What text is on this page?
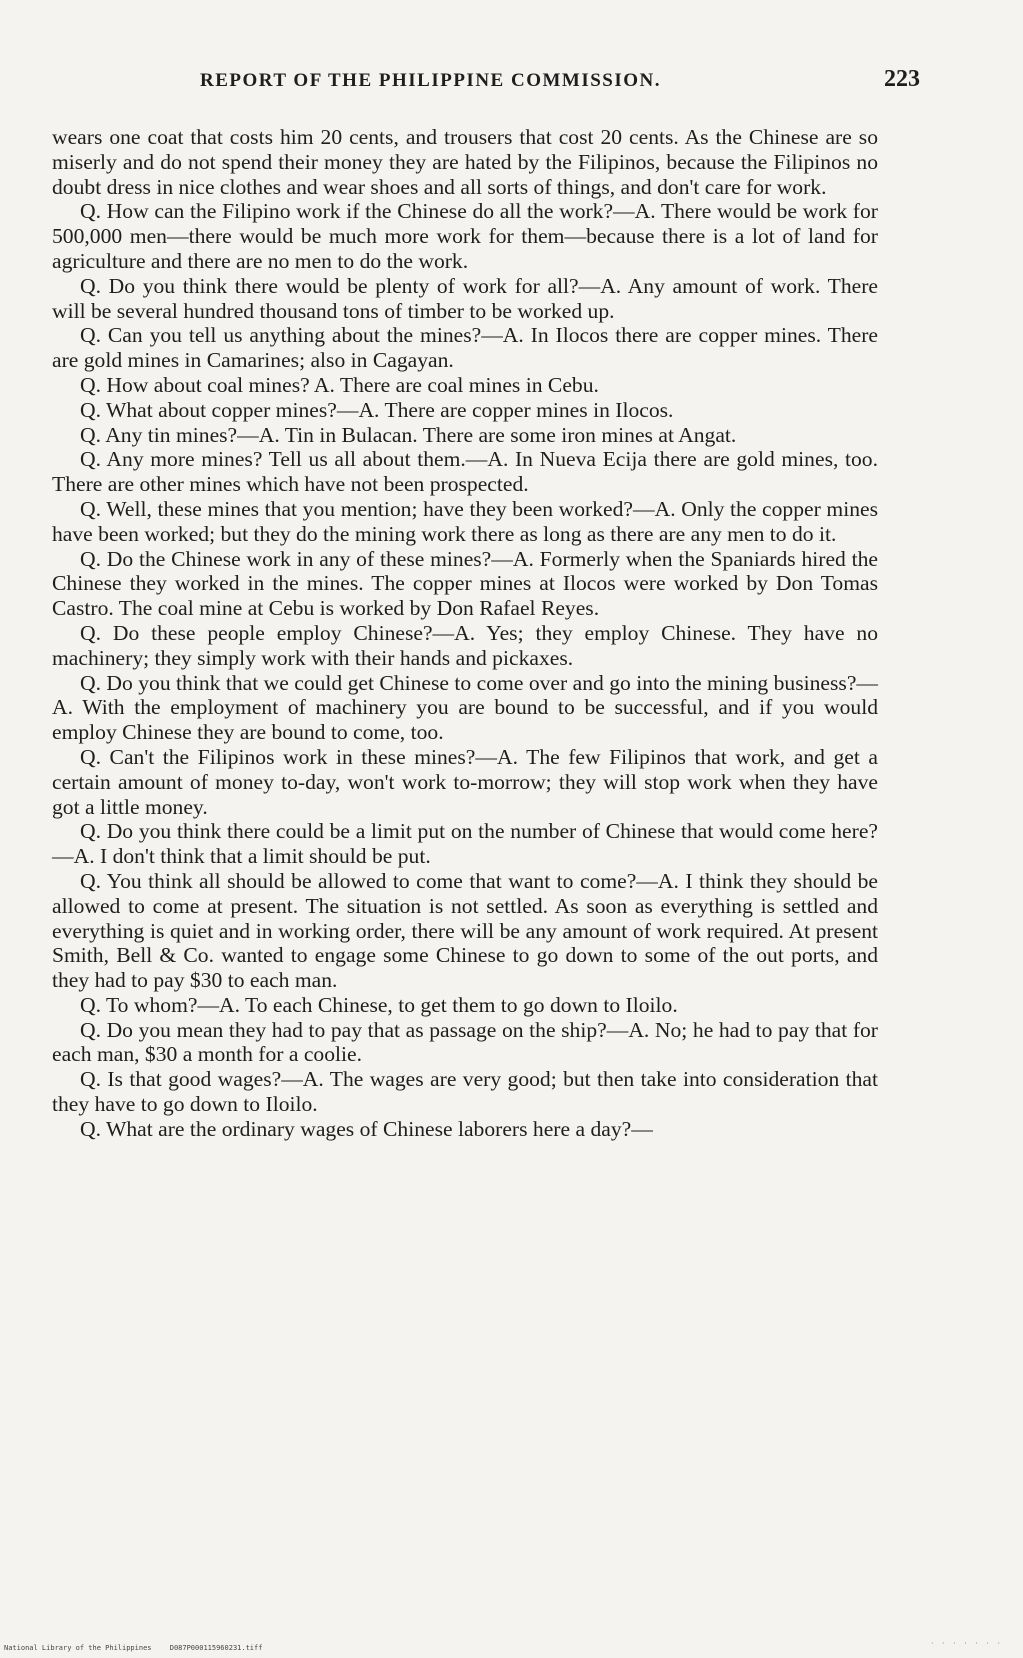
REPORT OF THE PHILIPPINE COMMISSION.	223

wears one coat that costs him 20 cents, and trousers that cost 20 cents. As the Chinese are so miserly and do not spend their money they are hated by the Filipinos, because the Filipinos no doubt dress in nice clothes and wear shoes and all sorts of things, and don't care for work.

Q. How can the Filipino work if the Chinese do all the work?—A. There would be work for 500,000 men—there would be much more work for them—because there is a lot of land for agriculture and there are no men to do the work.

Q. Do you think there would be plenty of work for all?—A. Any amount of work. There will be several hundred thousand tons of timber to be worked up.

Q. Can you tell us anything about the mines?—A. In Ilocos there are copper mines. There are gold mines in Camarines; also in Cagayan.

Q. How about coal mines? A. There are coal mines in Cebu.

Q. What about copper mines?—A. There are copper mines in Ilocos.

Q. Any tin mines?—A. Tin in Bulacan. There are some iron mines at Angat.

Q. Any more mines? Tell us all about them.—A. In Nueva Ecija there are gold mines, too. There are other mines which have not been prospected.

Q. Well, these mines that you mention; have they been worked?—A. Only the copper mines have been worked; but they do the mining work there as long as there are any men to do it.

Q. Do the Chinese work in any of these mines?—A. Formerly when the Spaniards hired the Chinese they worked in the mines. The copper mines at Ilocos were worked by Don Tomas Castro. The coal mine at Cebu is worked by Don Rafael Reyes.

Q. Do these people employ Chinese?—A. Yes; they employ Chinese. They have no machinery; they simply work with their hands and pickaxes.

Q. Do you think that we could get Chinese to come over and go into the mining business?—A. With the employment of machinery you are bound to be successful, and if you would employ Chinese they are bound to come, too.

Q. Can't the Filipinos work in these mines?—A. The few Filipinos that work, and get a certain amount of money to-day, won't work to-morrow; they will stop work when they have got a little money.

Q. Do you think there could be a limit put on the number of Chinese that would come here?—A. I don't think that a limit should be put.

Q. You think all should be allowed to come that want to come?—A. I think they should be allowed to come at present. The situation is not settled. As soon as everything is settled and everything is quiet and in working order, there will be any amount of work required. At present Smith, Bell & Co. wanted to engage some Chinese to go down to some of the out ports, and they had to pay $30 to each man.

Q. To whom?—A. To each Chinese, to get them to go down to Iloilo.

Q. Do you mean they had to pay that as passage on the ship?—A. No; he had to pay that for each man, $30 a month for a coolie.

Q. Is that good wages?—A. The wages are very good; but then take into consideration that they have to go down to Iloilo.

Q. What are the ordinary wages of Chinese laborers here a day?—

National Library of the Philippines	D087P000115960231.tiff	· · · · · · ·
